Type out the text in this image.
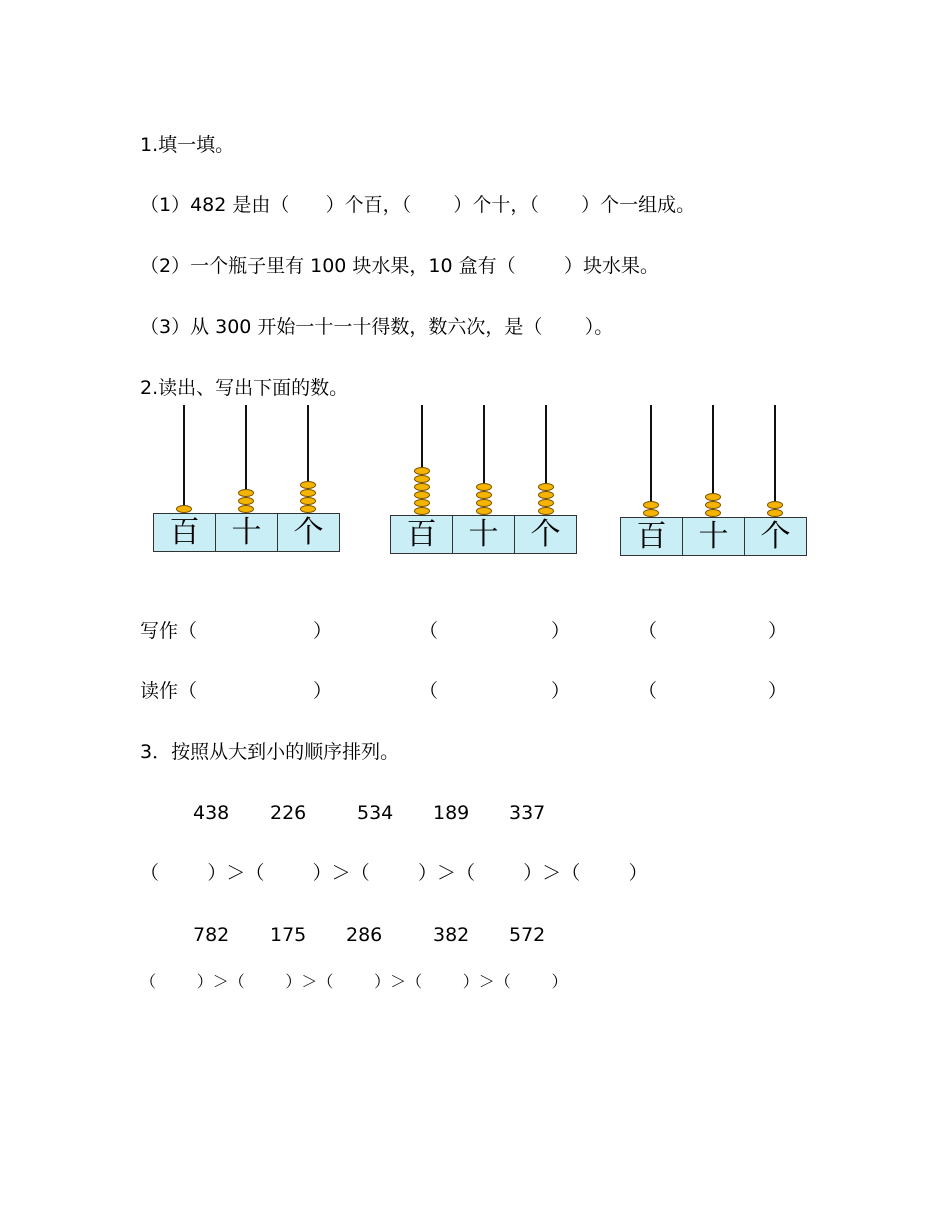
1.填一填。
（1）482 是由（      ）个百，（       ）个十，（       ）个一组成。
（2）一个瓶子里有 100 块水果，10 盒有（        ）块水果。
（3）从 300 开始一十一十得数，数六次，是（       ）。
2.读出、写出下面的数。
百	十	个	百	十	个	百	十	个
写作（	）	（	）	（	）
读作（	）	（	）	（	）
3．按照从大到小的顺序排列。
438 226	534 189 337
（        ）＞（        ）＞（        ）＞（        ）＞（        ）
782 175 286	382 572
（        ）＞（        ）＞（        ）＞（        ）＞（        ）
